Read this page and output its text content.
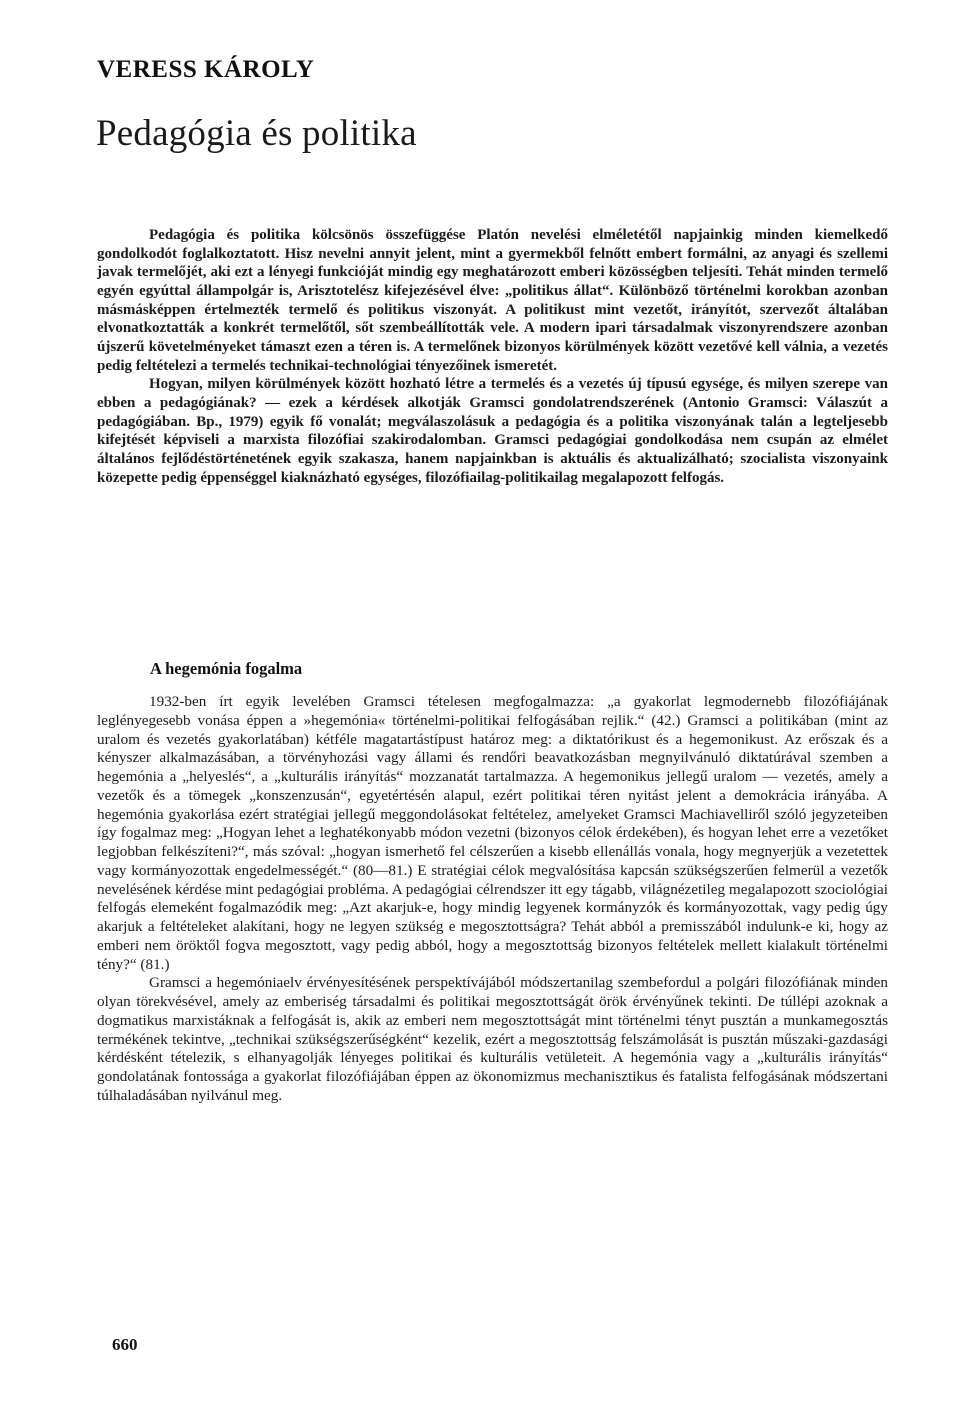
VERESS KÁROLY
Pedagógia és politika

Pedagógia és politika kölcsönös összefüggése Platón nevelési elméletétől napjainkig minden kiemelkedő gondolkodót foglalkoztatott. Hisz nevelni annyit jelent, mint a gyermekből felnőtt embert formálni, az anyagi és szellemi javak termelőjét, aki ezt a lényegi funkcióját mindig egy meghatározott emberi közösségben teljesíti. Tehát minden termelő egyén egyúttal állampolgár is, Arisztotelész kifejezésével élve: „politikus állat“. Különböző történelmi korokban azonban másmásképpen értelmezték termelő és politikus viszonyát. A politikust mint vezetőt, irányítót, szervezőt általában elvonatkoztatták a konkrét termelőtől, sőt szembeállították vele. A modern ipari társadalmak viszonyrendszere azonban újszerű követelményeket támaszt ezen a téren is. A termelőnek bizonyos körülmények között vezetővé kell válnia, a vezetés pedig feltételezi a termelés technikai-technológiai tényezőinek ismeretét.

Hogyan, milyen körülmények között hozható létre a termelés és a vezetés új típusú egysége, és milyen szerepe van ebben a pedagógiának? — ezek a kérdések alkotják Gramsci gondolatrendszerének (Antonio Gramsci: Válaszút a pedagógiában. Bp., 1979) egyik fő vonalát; megválaszolásuk a pedagógia és a politika viszonyának talán a legteljesebb kifejtését képviseli a marxista filozófiai szakirodalomban. Gramsci pedagógiai gondolkodása nem csupán az elmélet általános fejlődéstörténetének egyik szakasza, hanem napjainkban is aktuális és aktualizálható; szocialista viszonyaink közepette pedig éppenséggel kiaknázható egységes, filozófiailag-politikailag megalapozott felfogás.

A hegemónia fogalma

1932-ben írt egyik levelében Gramsci tételesen megfogalmazza: „a gyakorlat legmodernebb filozófiájának leglényegesebb vonása éppen a »hegemónia« történelmi-politikai felfogásában rejlik.“ (42.) Gramsci a politikában (mint az uralom és vezetés gyakorlatában) kétféle magatartástípust határoz meg: a diktatórikust és a hegemonikust. Az erőszak és a kényszer alkalmazásában, a törvényhozási vagy állami és rendőri beavatkozásban megnyilvánuló diktatúrával szemben a hegemónia a „helyeslés“, a „kulturális irányítás“ mozzanatát tartalmazza. A hegemonikus jellegű uralom — vezetés, amely a vezetők és a tömegek „konszenzusán“, egyetértésén alapul, ezért politikai téren nyitást jelent a demokrácia irányába. A hegemónia gyakorlása ezért stratégiai jellegű meggondolásokat feltételez, amelyeket Gramsci Machiavelliről szóló jegyzeteiben így fogalmaz meg: „Hogyan lehet a leghatékonyabb módon vezetni (bizonyos célok érdekében), és hogyan lehet erre a vezetőket legjobban felkészíteni?“, más szóval: „hogyan ismerhető fel célszerűen a kisebb ellenállás vonala, hogy megnyerjük a vezetettek vagy kormányozottak engedelmességét.“ (80—81.) E stratégiai célok megvalósítása kapcsán szükségszerűen felmerül a vezetők nevelésének kérdése mint pedagógiai probléma. A pedagógiai célrendszer itt egy tágabb, világnézetileg megalapozott szociológiai felfogás elemeként fogalmazódik meg: „Azt akarjuk-e, hogy mindig legyenek kormányzók és kormányozottak, vagy pedig úgy akarjuk a feltételeket alakítani, hogy ne legyen szükség e megosztottságra? Tehát abból a premisszából indulunk-e ki, hogy az emberi nem öröktől fogva megosztott, vagy pedig abból, hogy a megosztottság bizonyos feltételek mellett kialakult történelmi tény?“ (81.)

Gramsci a hegemóniaelv érvényesítésének perspektívájából módszertanilag szembefordul a polgári filozófiának minden olyan törekvésével, amely az emberiség társadalmi és politikai megosztottságát örök érvényűnek tekinti. De túllépi azoknak a dogmatikus marxistáknak a felfogását is, akik az emberi nem megosztottságát mint történelmi tényt pusztán a munkamegosztás termékének tekintve, „technikai szükségszerűségként“ kezelik, ezért a megosztottság felszámolását is pusztán műszaki-gazdasági kérdésként tételezik, s elhanyagolják lényeges politikai és kulturális vetületeit. A hegemónia vagy a „kulturális irányítás“ gondolatának fontossága a gyakorlat filozófiájában éppen az ökonomizmus mechanisztikus és fatalista felfogásának módszertani túlhaladásában nyilvánul meg.

660
